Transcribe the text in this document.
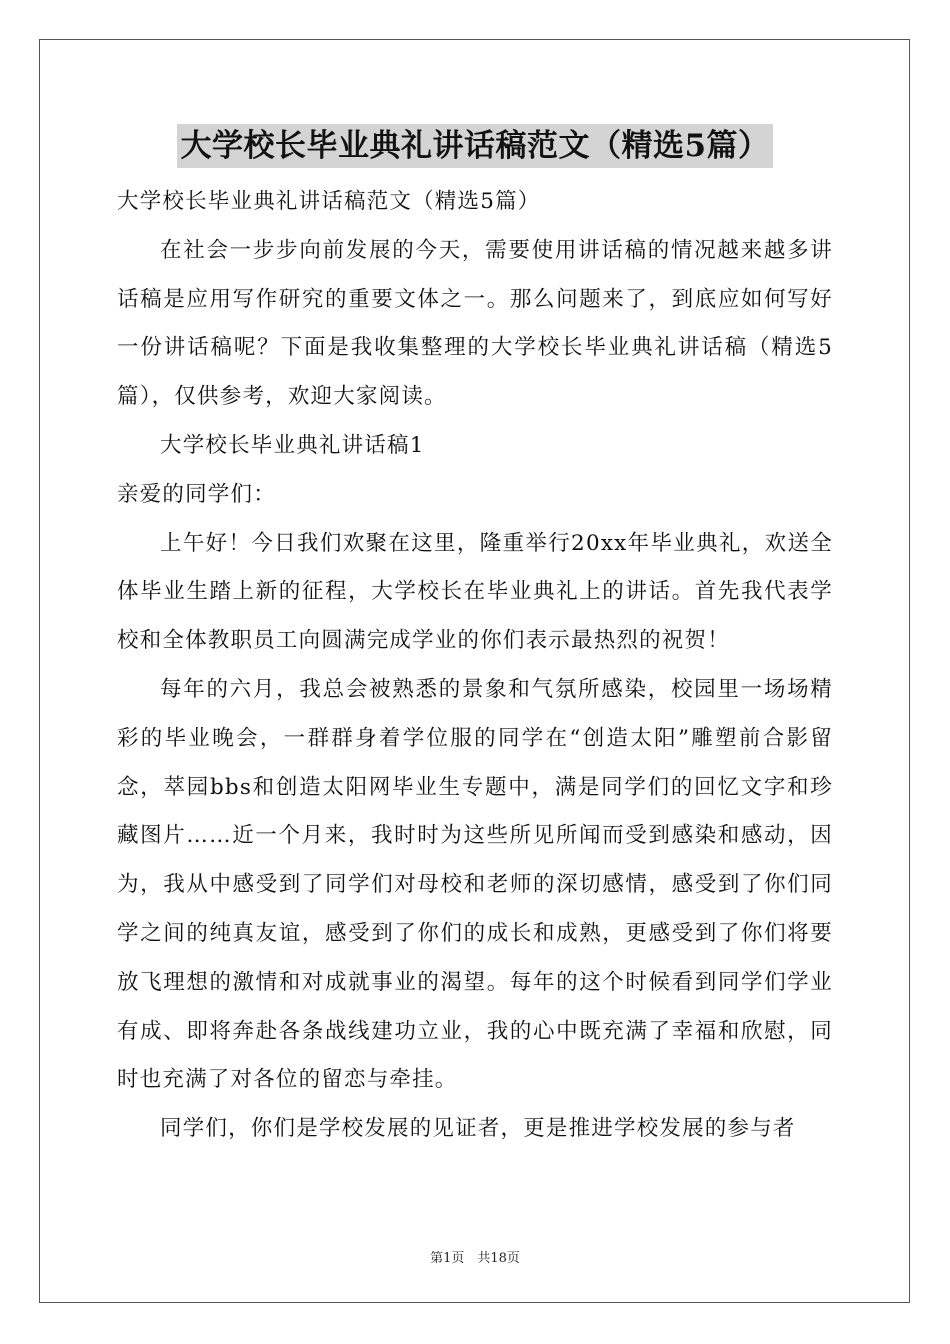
大学校长毕业典礼讲话稿范文（精选5篇）

大学校长毕业典礼讲话稿范文（精选5篇）

在社会一步步向前发展的今天，需要使用讲话稿的情况越来越多讲话稿是应用写作研究的重要文体之一。那么问题来了，到底应如何写好一份讲话稿呢？下面是我收集整理的大学校长毕业典礼讲话稿（精选5篇），仅供参考，欢迎大家阅读。

大学校长毕业典礼讲话稿1

亲爱的同学们：

上午好！今日我们欢聚在这里，隆重举行20xx年毕业典礼，欢送全体毕业生踏上新的征程，大学校长在毕业典礼上的讲话。首先我代表学校和全体教职员工向圆满完成学业的你们表示最热烈的祝贺！

每年的六月，我总会被熟悉的景象和气氛所感染，校园里一场场精彩的毕业晚会，一群群身着学位服的同学在“创造太阳”雕塑前合影留念，萃园bbs和创造太阳网毕业生专题中，满是同学们的回忆文字和珍藏图片……近一个月来，我时时为这些所见所闻而受到感染和感动，因为，我从中感受到了同学们对母校和老师的深切感情，感受到了你们同学之间的纯真友谊，感受到了你们的成长和成熟，更感受到了你们将要放飞理想的激情和对成就事业的渴望。每年的这个时候看到同学们学业有成、即将奔赴各条战线建功立业，我的心中既充满了幸福和欣慰，同时也充满了对各位的留恋与牵挂。

同学们，你们是学校发展的见证者，更是推进学校发展的参与者

第1页　共18页
